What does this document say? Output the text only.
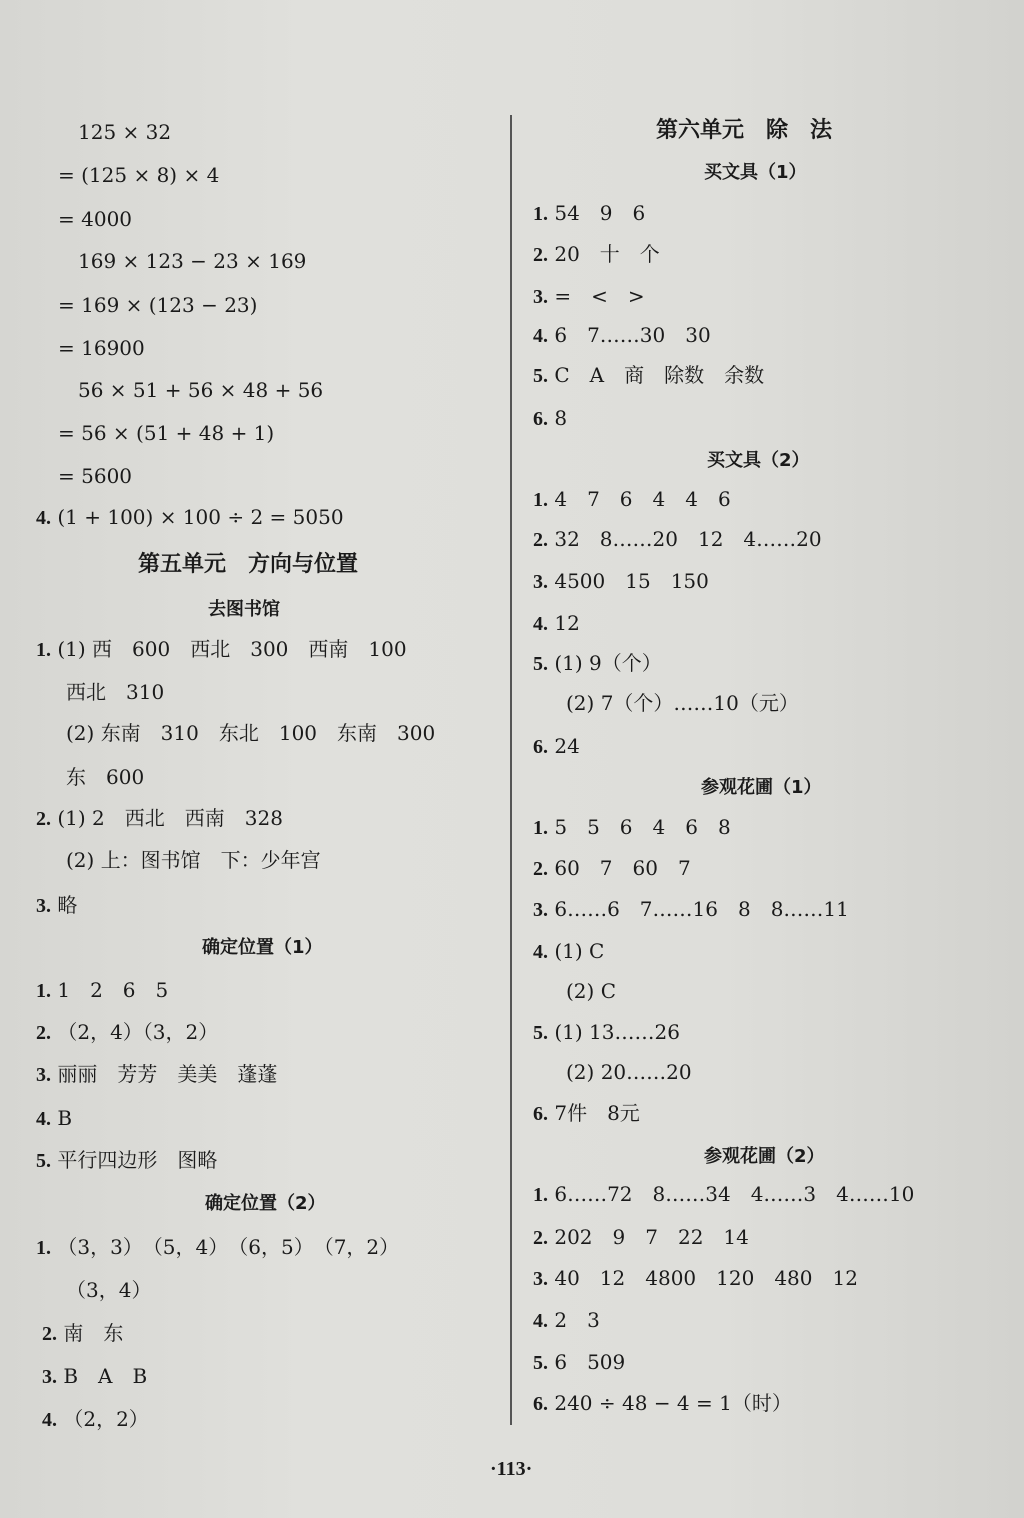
125 × 32
= (125 × 8) × 4
= 4000
169 × 123 − 23 × 169
= 169 × (123 − 23)
= 16900
56 × 51 + 56 × 48 + 56
= 56 × (51 + 48 + 1)
= 5600
4. (1 + 100) × 100 ÷ 2 = 5050
第五单元　方向与位置
去图书馆
1. (1) 西　600　西北　300　西南　100
西北　310
(2) 东南　310　东北　100　东南　300
东　600
2. (1) 2　西北　西南　328
(2) 上：图书馆　下：少年宫
3. 略
确定位置（1）
1. 1　2　6　5
2. （2，4）（3，2）
3. 丽丽　芳芳　美美　蓬蓬
4. B
5. 平行四边形　图略
确定位置（2）
1. （3，3）　（5，4）　（6，5）　（7，2）
（3，4）
2. 南　东
3. B　A　B
4. （2，2）
第六单元　除　法
买文具（1）
1. 54　9　6
2. 20　十　个
3. =　<　>
4. 6　7……30　30
5. C　A　商　除数　余数
6. 8
买文具（2）
1. 4　7　6　4　4　6
2. 32　8……20　12　4……20
3. 4500　15　150
4. 12
5. (1) 9（个）
(2) 7（个）……10（元）
6. 24
参观花圃（1）
1. 5　5　6　4　6　8
2. 60　7　60　7
3. 6……6　7……16　8　8……11
4. (1) C
(2) C
5. (1) 13……26
(2) 20……20
6. 7件　8元
参观花圃（2）
1. 6……72　8……34　4……3　4……10
2. 202　9　7　22　14
3. 40　12　4800　120　480　12
4. 2　3
5. 6　509
6. 240 ÷ 48 − 4 = 1（时）
·113·
